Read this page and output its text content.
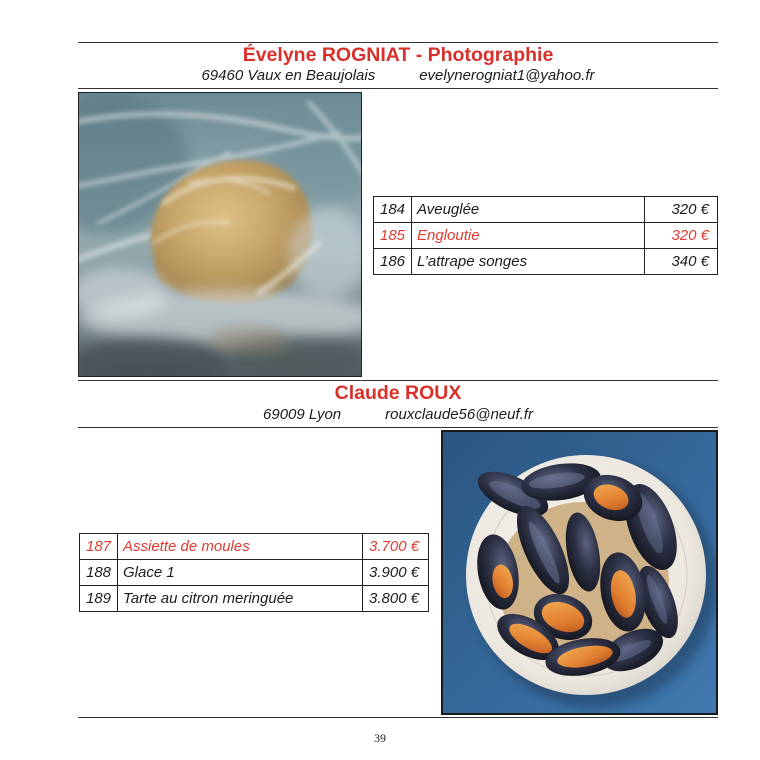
Évelyne ROGNIAT - Photographie
69460 Vaux en Beaujolais	evelynerogniat1@yahoo.fr
184	Aveuglée	320 €
185	Engloutie	320 €
186	L’attrape songes	340 €
Claude ROUX
69009 Lyon	rouxclaude56@neuf.fr
187	Assiette de moules	3.700 €
188	Glace 1	3.900 €
189	Tarte au citron meringuée	3.800 €
39
